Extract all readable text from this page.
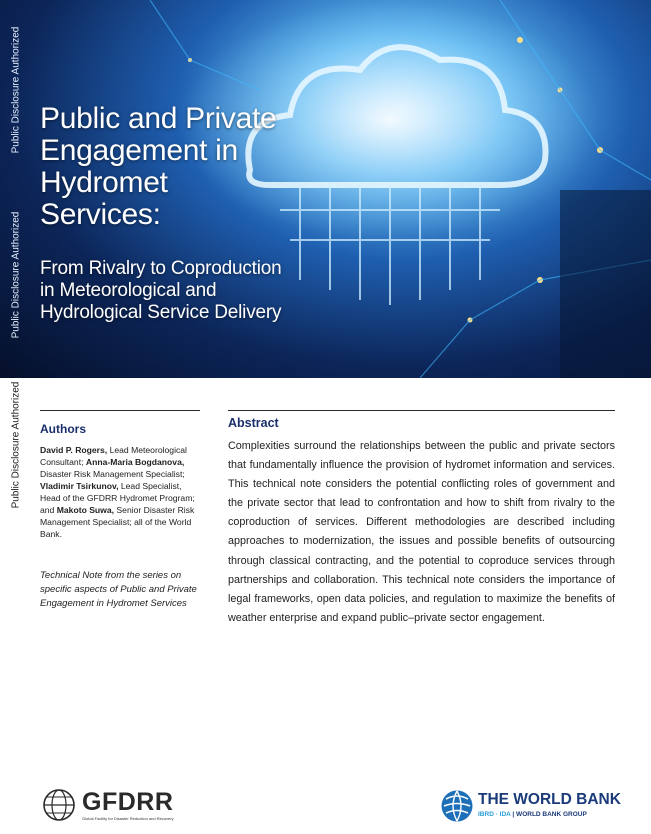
Public Disclosure Authorized
Public Disclosure Authorized
Public Disclosure Authorized
Public and Private
Engagement in
Hydromet
Services:
From Rivalry to Coproduction
in Meteorological and
Hydrological Service Delivery
Authors
David P. Rogers, Lead Meteorological Consultant; Anna-Maria Bogdanova, Disaster Risk Management Specialist; Vladimir Tsirkunov, Lead Specialist, Head of the GFDRR Hydromet Program; and Makoto Suwa, Senior Disaster Risk Management Specialist; all of the World Bank.
Technical Note from the series on specific aspects of Public and Private Engagement in Hydromet Services
Abstract
Complexities surround the relationships between the public and private sectors that fundamentally influence the provision of hydromet information and services. This technical note considers the potential conflicting roles of government and the private sector that lead to confrontation and how to shift from rivalry to the coproduction of services. Different methodologies are described including approaches to modernization, the issues and possible benefits of outsourcing through classical contracting, and the potential to coproduce services through partnerships and collaboration. This technical note considers the importance of legal frameworks, open data policies, and regulation to maximize the benefits of weather enterprise and expand public–private sector engagement.
GFDRR
Global Facility for Disaster Reduction and Recovery
THE WORLD BANK
IBRD · IDA | WORLD BANK GROUP
